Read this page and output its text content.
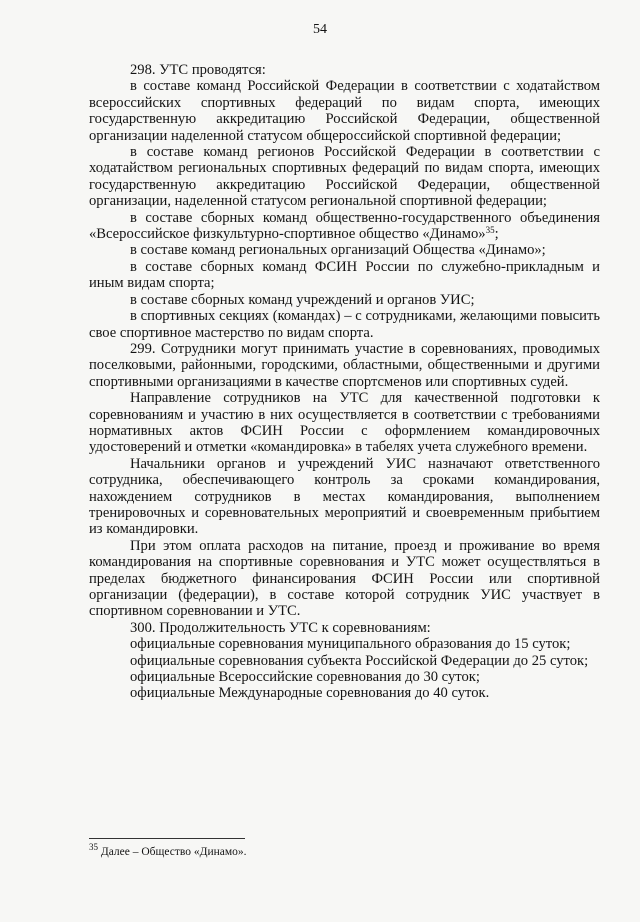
54

298. УТС проводятся:

в составе команд Российской Федерации в соответствии с ходатайством всероссийских спортивных федераций по видам спорта, имеющих государственную аккредитацию Российской Федерации, общественной организации наделенной статусом общероссийской спортивной федерации;

в составе команд регионов Российской Федерации в соответствии с ходатайством региональных спортивных федераций по видам спорта, имеющих государственную аккредитацию Российской Федерации, общественной организации, наделенной статусом региональной спортивной федерации;

в составе сборных команд общественно-государственного объединения «Всероссийское физкультурно-спортивное общество «Динамо»$^{35}$;

в составе команд региональных организаций Общества «Динамо»;

в составе сборных команд ФСИН России по служебно-прикладным и иным видам спорта;

в составе сборных команд учреждений и органов УИС;

в спортивных секциях (командах) – с сотрудниками, желающими повысить свое спортивное мастерство по видам спорта.

299. Сотрудники могут принимать участие в соревнованиях, проводимых поселковыми, районными, городскими, областными, общественными и другими спортивными организациями в качестве спортсменов или спортивных судей.

Направление сотрудников на УТС для качественной подготовки к соревнованиям и участию в них осуществляется в соответствии с требованиями нормативных актов ФСИН России с оформлением командировочных удостоверений и отметки «командировка» в табелях учета служебного времени.

Начальники органов и учреждений УИС назначают ответственного сотрудника, обеспечивающего контроль за сроками командирования, нахождением сотрудников в местах командирования, выполнением тренировочных и соревновательных мероприятий и своевременным прибытием из командировки.

При этом оплата расходов на питание, проезд и проживание во время командирования на спортивные соревнования и УТС может осуществляться в пределах бюджетного финансирования ФСИН России или спортивной организации (федерации), в составе которой сотрудник УИС участвует в спортивном соревновании и УТС.

300. Продолжительность УТС к соревнованиям:

официальные соревнования муниципального образования до 15 суток;

официальные соревнования субъекта Российской Федерации до 25 суток;

официальные Всероссийские соревнования до 30 суток;

официальные Международные соревнования до 40 суток.

$^{35}$ Далее – Общество «Динамо».
